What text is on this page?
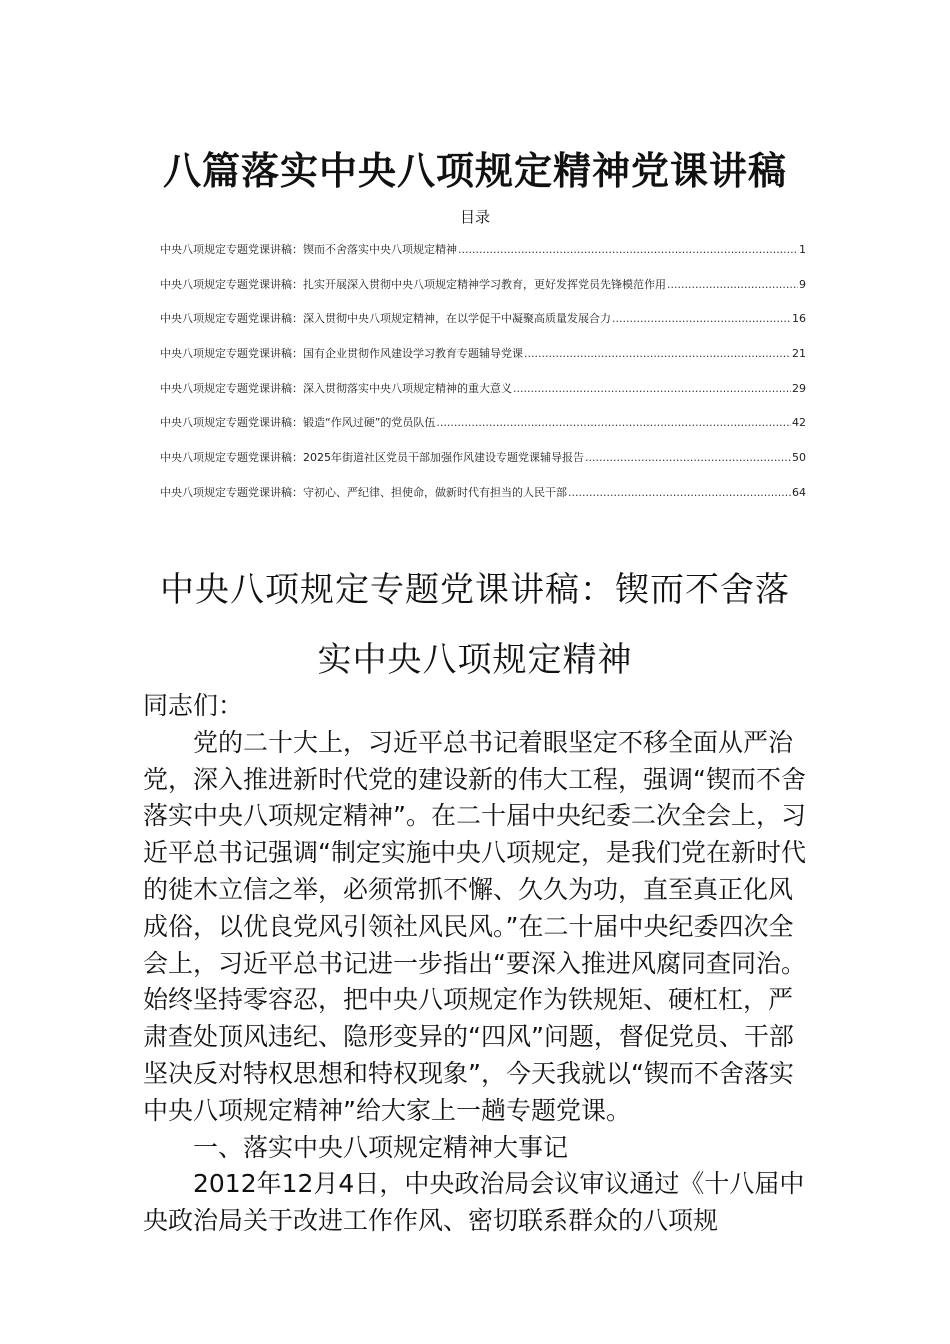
八篇落实中央八项规定精神党课讲稿
目录
中央八项规定专题党课讲稿：锲而不舍落实中央八项规定精神 .....	1
中央八项规定专题党课讲稿：扎实开展深入贯彻中央八项规定精神学习教育，更好发挥党员先锋模范作用 .....	9
中央八项规定专题党课讲稿：深入贯彻中央八项规定精神，在以学促干中凝聚高质量发展合力 .....	16
中央八项规定专题党课讲稿：国有企业贯彻作风建设学习教育专题辅导党课 .....	21
中央八项规定专题党课讲稿：深入贯彻落实中央八项规定精神的重大意义 .....	29
中央八项规定专题党课讲稿：锻造“作风过硬”的党员队伍 .....	42
中央八项规定专题党课讲稿：2025年街道社区党员干部加强作风建设专题党课辅导报告 .....	50
中央八项规定专题党课讲稿：守初心、严纪律、担使命，做新时代有担当的人民干部 .....	64
中央八项规定专题党课讲稿：锲而不舍落
实中央八项规定精神

同志们：

党的二十大上，习近平总书记着眼坚定不移全面从严治党，深入推进新时代党的建设新的伟大工程，强调“锲而不舍落实中央八项规定精神”。在二十届中央纪委二次全会上，习近平总书记强调“制定实施中央八项规定，是我们党在新时代的徙木立信之举，必须常抓不懈、久久为功，直至真正化风成俗，以优良党风引领社风民风。”在二十届中央纪委四次全会上，习近平总书记进一步指出“要深入推进风腐同查同治。始终坚持零容忍，把中央八项规定作为铁规矩、硬杠杠，严肃查处顶风违纪、隐形变异的“四风”问题，督促党员、干部坚决反对特权思想和特权现象”，今天我就以“锲而不舍落实中央八项规定精神”给大家上一趟专题党课。

一、落实中央八项规定精神大事记

2012年12月4日，中央政治局会议审议通过《十八届中央政治局关于改进工作作风、密切联系群众的八项规
